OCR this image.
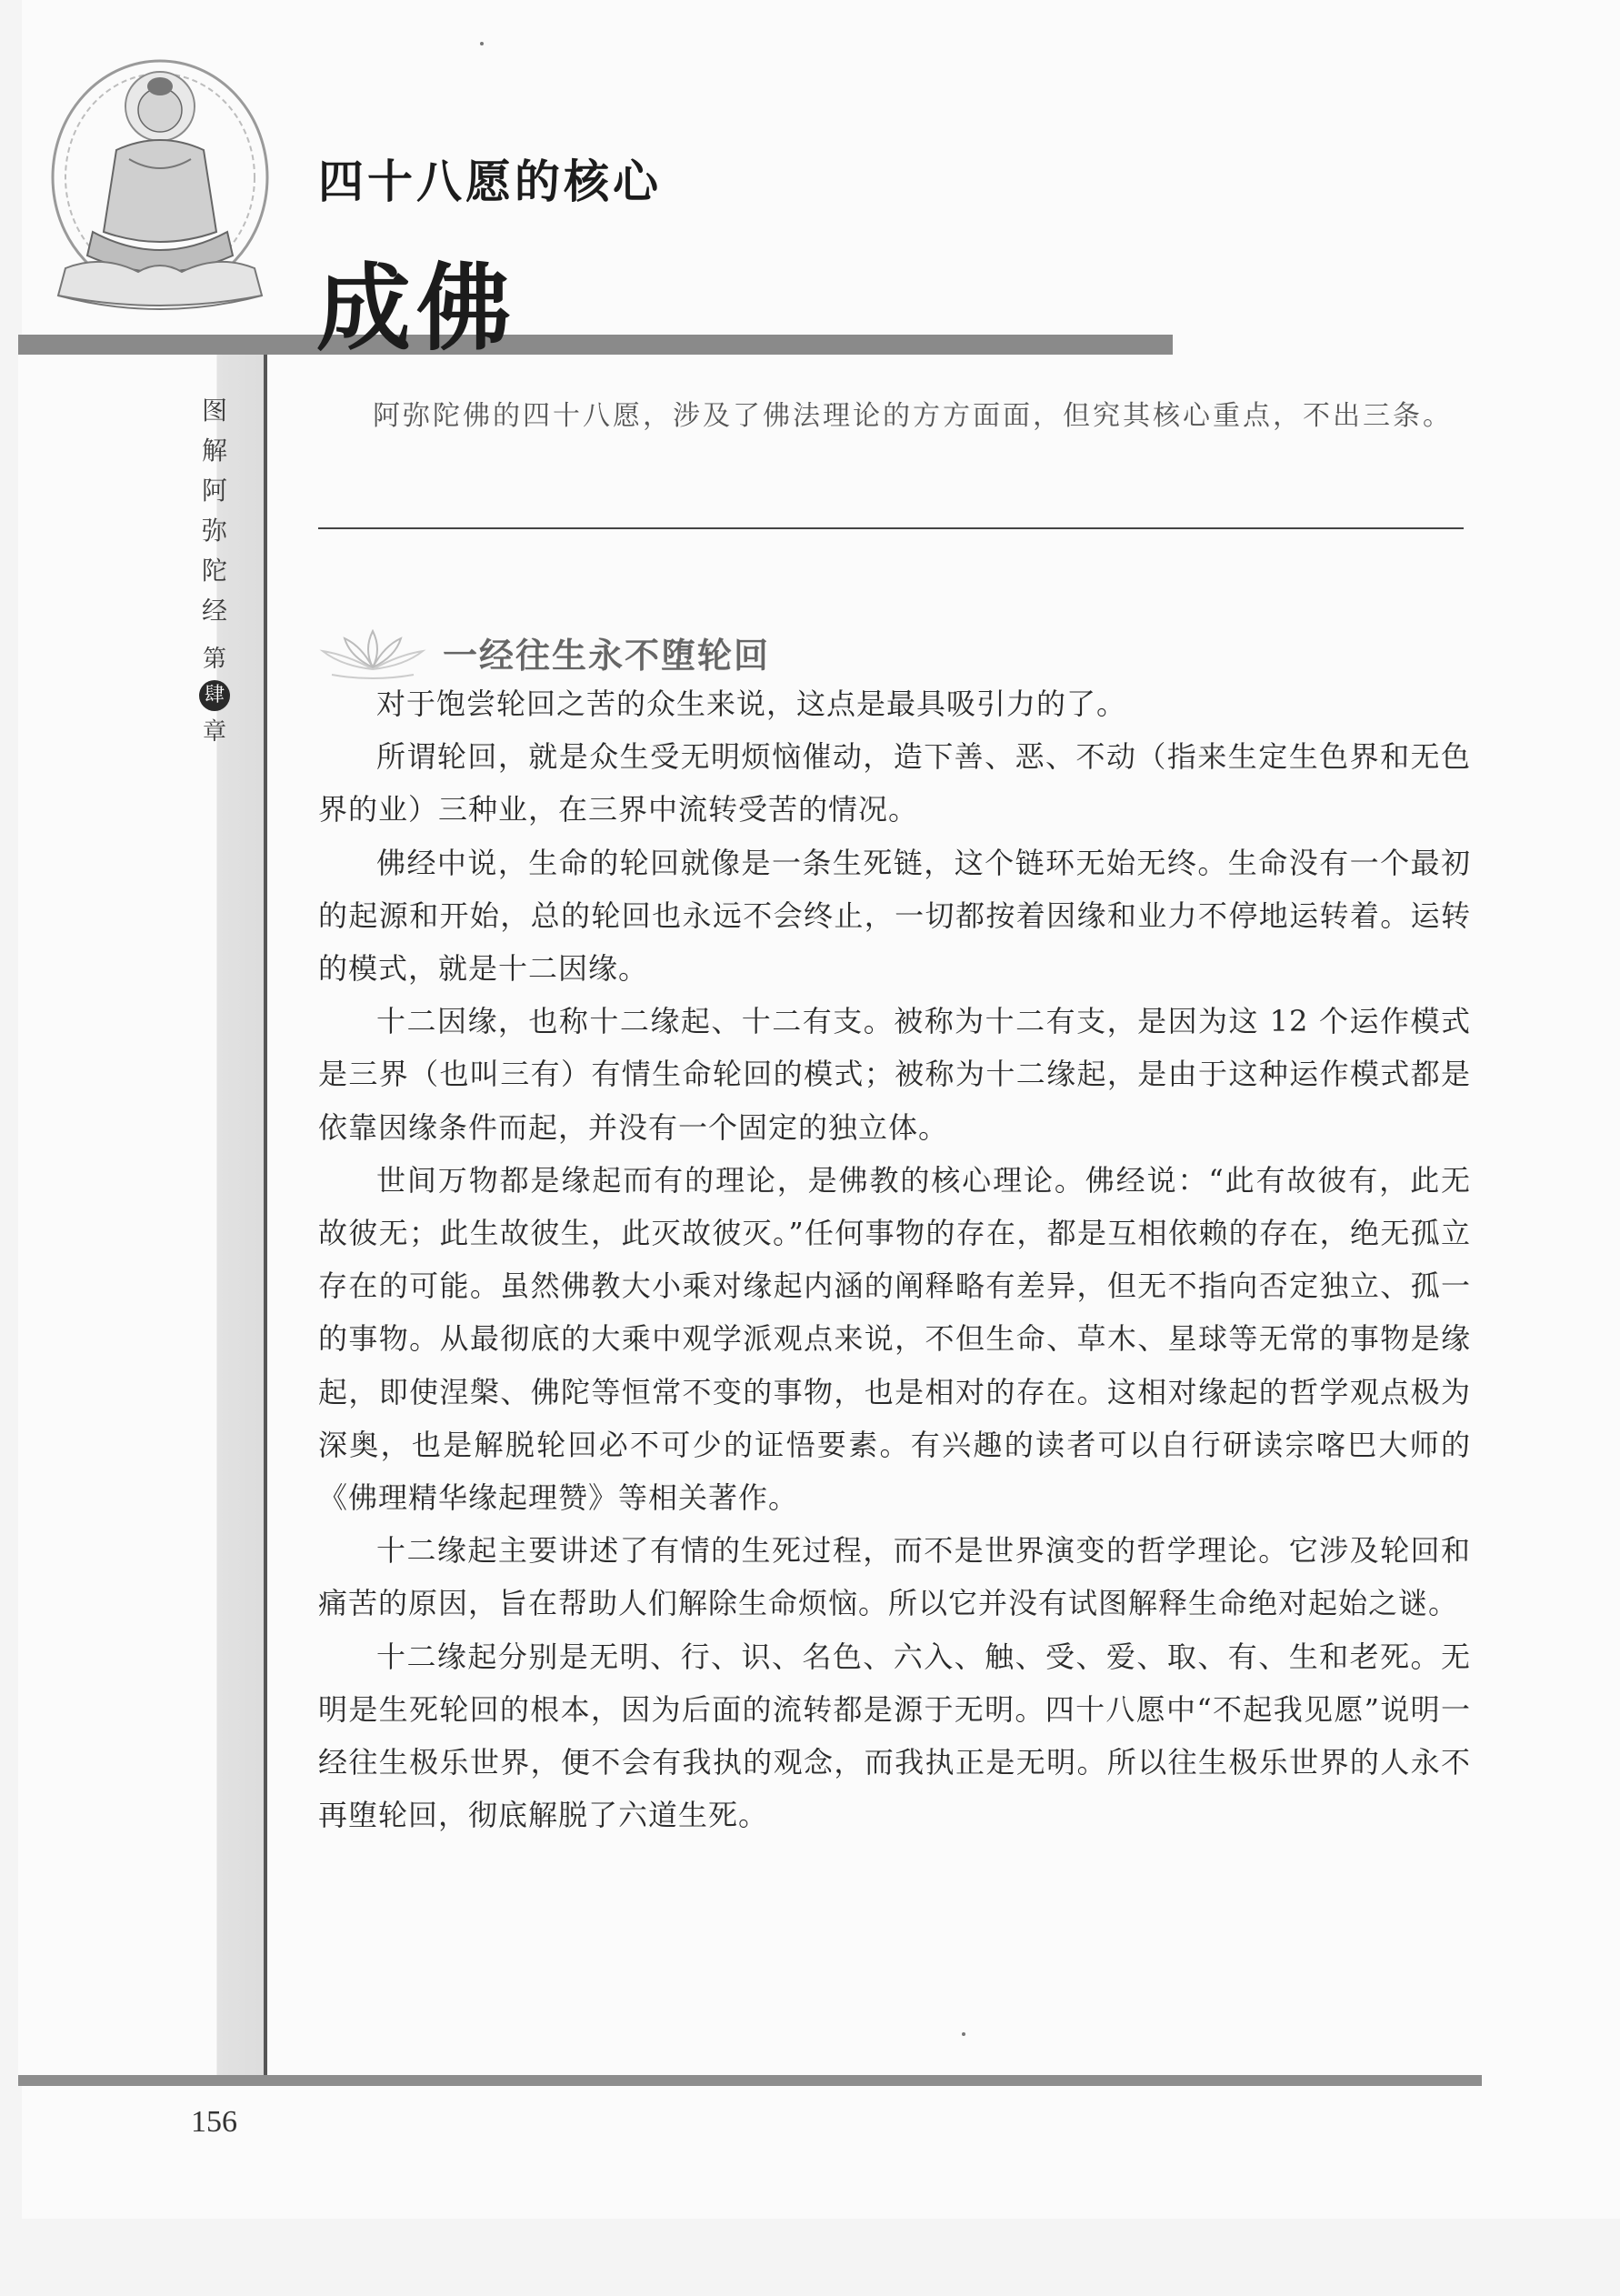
图
解
阿
弥
陀
经
第
肆
章
四十八愿的核心
成佛
阿弥陀佛的四十八愿，涉及了佛法理论的方方面面，但究其核心重点，不出三条。
一经往生永不堕轮回

对于饱尝轮回之苦的众生来说，这点是最具吸引力的了。

所谓轮回，就是众生受无明烦恼催动，造下善、恶、不动（指来生定生色界和无色界的业）三种业，在三界中流转受苦的情况。

佛经中说，生命的轮回就像是一条生死链，这个链环无始无终。生命没有一个最初的起源和开始，总的轮回也永远不会终止，一切都按着因缘和业力不停地运转着。运转的模式，就是十二因缘。

十二因缘，也称十二缘起、十二有支。被称为十二有支，是因为这 12 个运作模式是三界（也叫三有）有情生命轮回的模式；被称为十二缘起，是由于这种运作模式都是依靠因缘条件而起，并没有一个固定的独立体。

世间万物都是缘起而有的理论，是佛教的核心理论。佛经说：“此有故彼有，此无故彼无；此生故彼生，此灭故彼灭。”任何事物的存在，都是互相依赖的存在，绝无孤立存在的可能。虽然佛教大小乘对缘起内涵的阐释略有差异，但无不指向否定独立、孤一的事物。从最彻底的大乘中观学派观点来说，不但生命、草木、星球等无常的事物是缘起，即使涅槃、佛陀等恒常不变的事物，也是相对的存在。这相对缘起的哲学观点极为深奥，也是解脱轮回必不可少的证悟要素。有兴趣的读者可以自行研读宗喀巴大师的《佛理精华缘起理赞》等相关著作。

十二缘起主要讲述了有情的生死过程，而不是世界演变的哲学理论。它涉及轮回和痛苦的原因，旨在帮助人们解除生命烦恼。所以它并没有试图解释生命绝对起始之谜。

十二缘起分别是无明、行、识、名色、六入、触、受、爱、取、有、生和老死。无明是生死轮回的根本，因为后面的流转都是源于无明。四十八愿中“不起我见愿”说明一经往生极乐世界，便不会有我执的观念，而我执正是无明。所以往生极乐世界的人永不再堕轮回，彻底解脱了六道生死。

156
